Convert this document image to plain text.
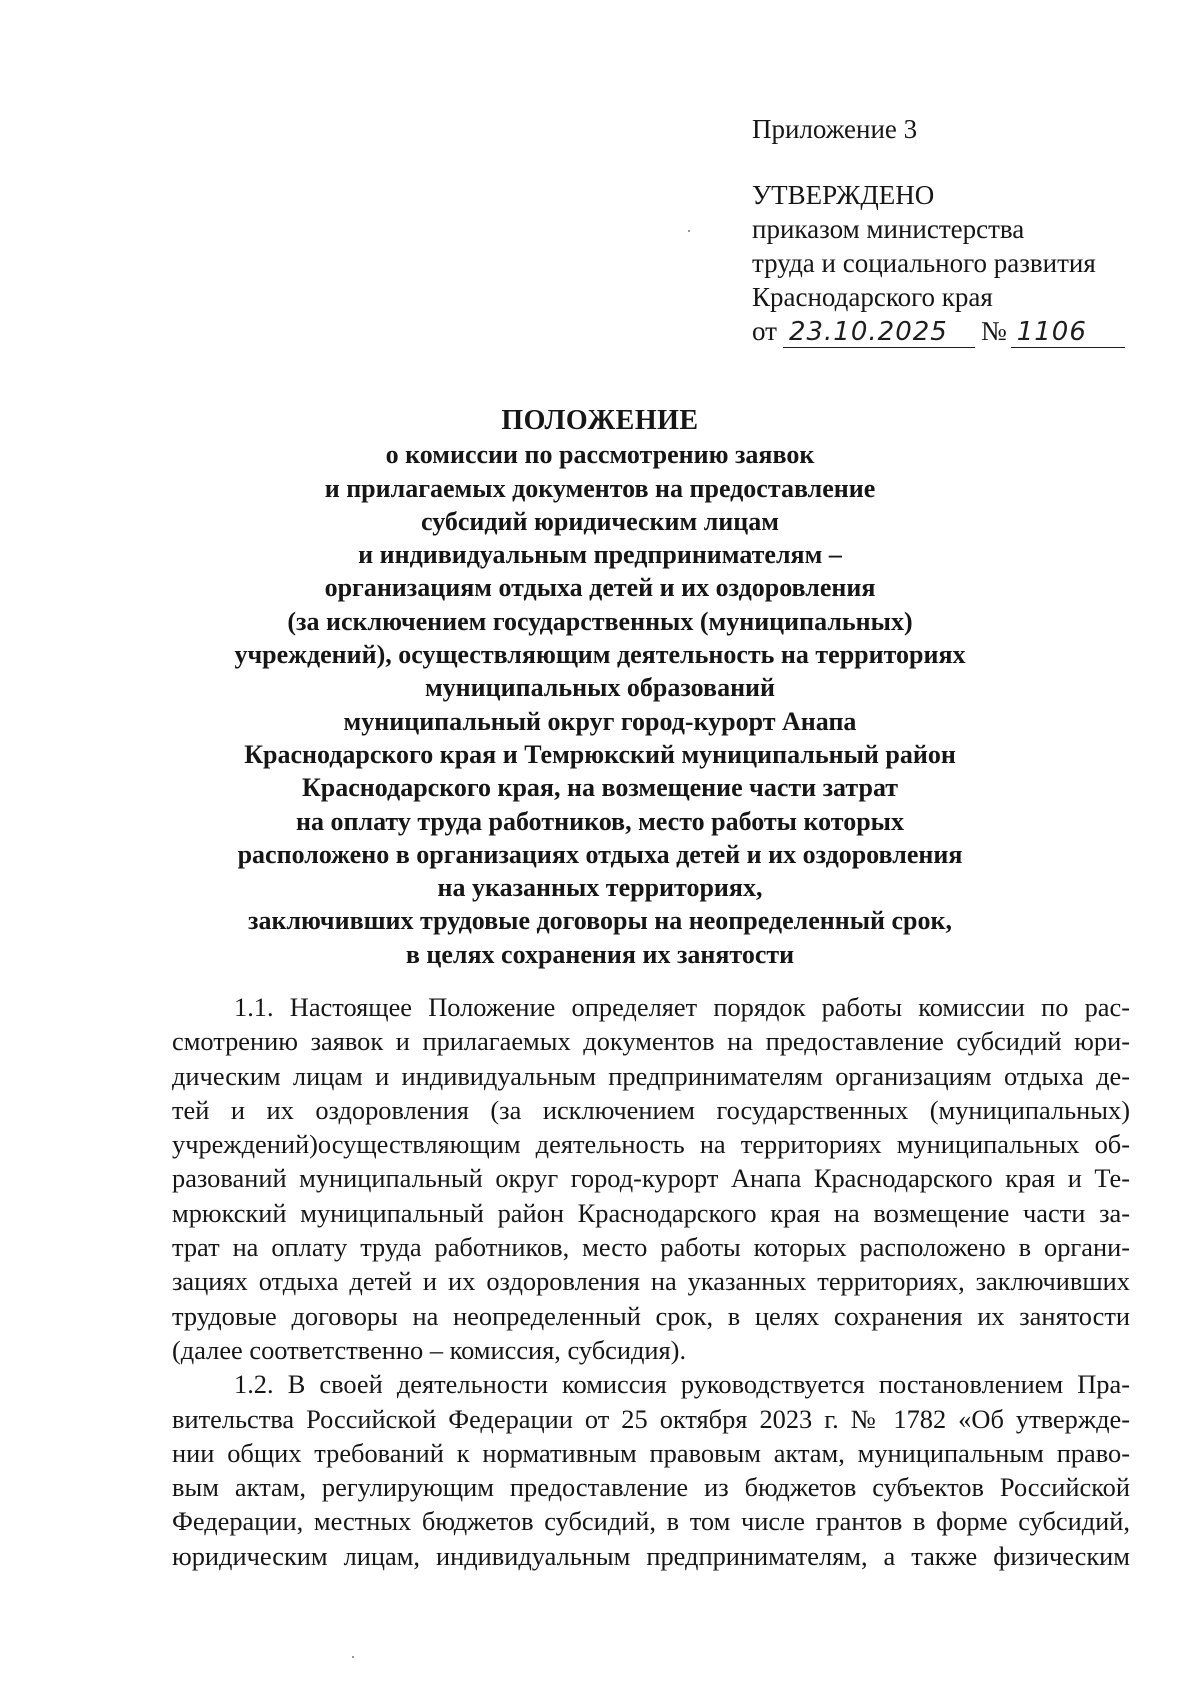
Приложение 3
УТВЕРЖДЕНО
приказом министерства
труда и социального развития
Краснодарского края
от 23.10.2025	№ 1106
ПОЛОЖЕНИЕ
о комиссии по рассмотрению заявок
и прилагаемых документов на предоставление
субсидий юридическим лицам
и индивидуальным предпринимателям –
организациям отдыха детей и их оздоровления
(за исключением государственных (муниципальных)
учреждений), осуществляющим деятельность на территориях
муниципальных образований
муниципальный округ город-курорт Анапа
Краснодарского края и Темрюкский муниципальный район
Краснодарского края, на возмещение части затрат
на оплату труда работников, место работы которых
расположено в организациях отдыха детей и их оздоровления
на указанных территориях,
заключивших трудовые договоры на неопределенный срок,
в целях сохранения их занятости
1.1. Настоящее Положение определяет порядок работы комиссии по рас-
смотрению заявок и прилагаемых документов на предоставление субсидий юри-
дическим лицам и индивидуальным предпринимателям организациям отдыха де-
тей и их оздоровления (за исключением государственных (муниципальных)
учреждений)осуществляющим деятельность на территориях муниципальных об-
разований муниципальный округ город-курорт Анапа Краснодарского края и Те-
мрюкский муниципальный район Краснодарского края на возмещение части за-
трат на оплату труда работников, место работы которых расположено в органи-
зациях отдыха детей и их оздоровления на указанных территориях, заключивших
трудовые договоры на неопределенный срок, в целях сохранения их занятости
(далее соответственно – комиссия, субсидия).
1.2. В своей деятельности комиссия руководствуется постановлением Пра-
вительства Российской Федерации от 25 октября 2023 г. № 1782 «Об утвержде-
нии общих требований к нормативным правовым актам, муниципальным право-
вым актам, регулирующим предоставление из бюджетов субъектов Российской
Федерации, местных бюджетов субсидий, в том числе грантов в форме субсидий,
юридическим лицам, индивидуальным предпринимателям, а также физическим
